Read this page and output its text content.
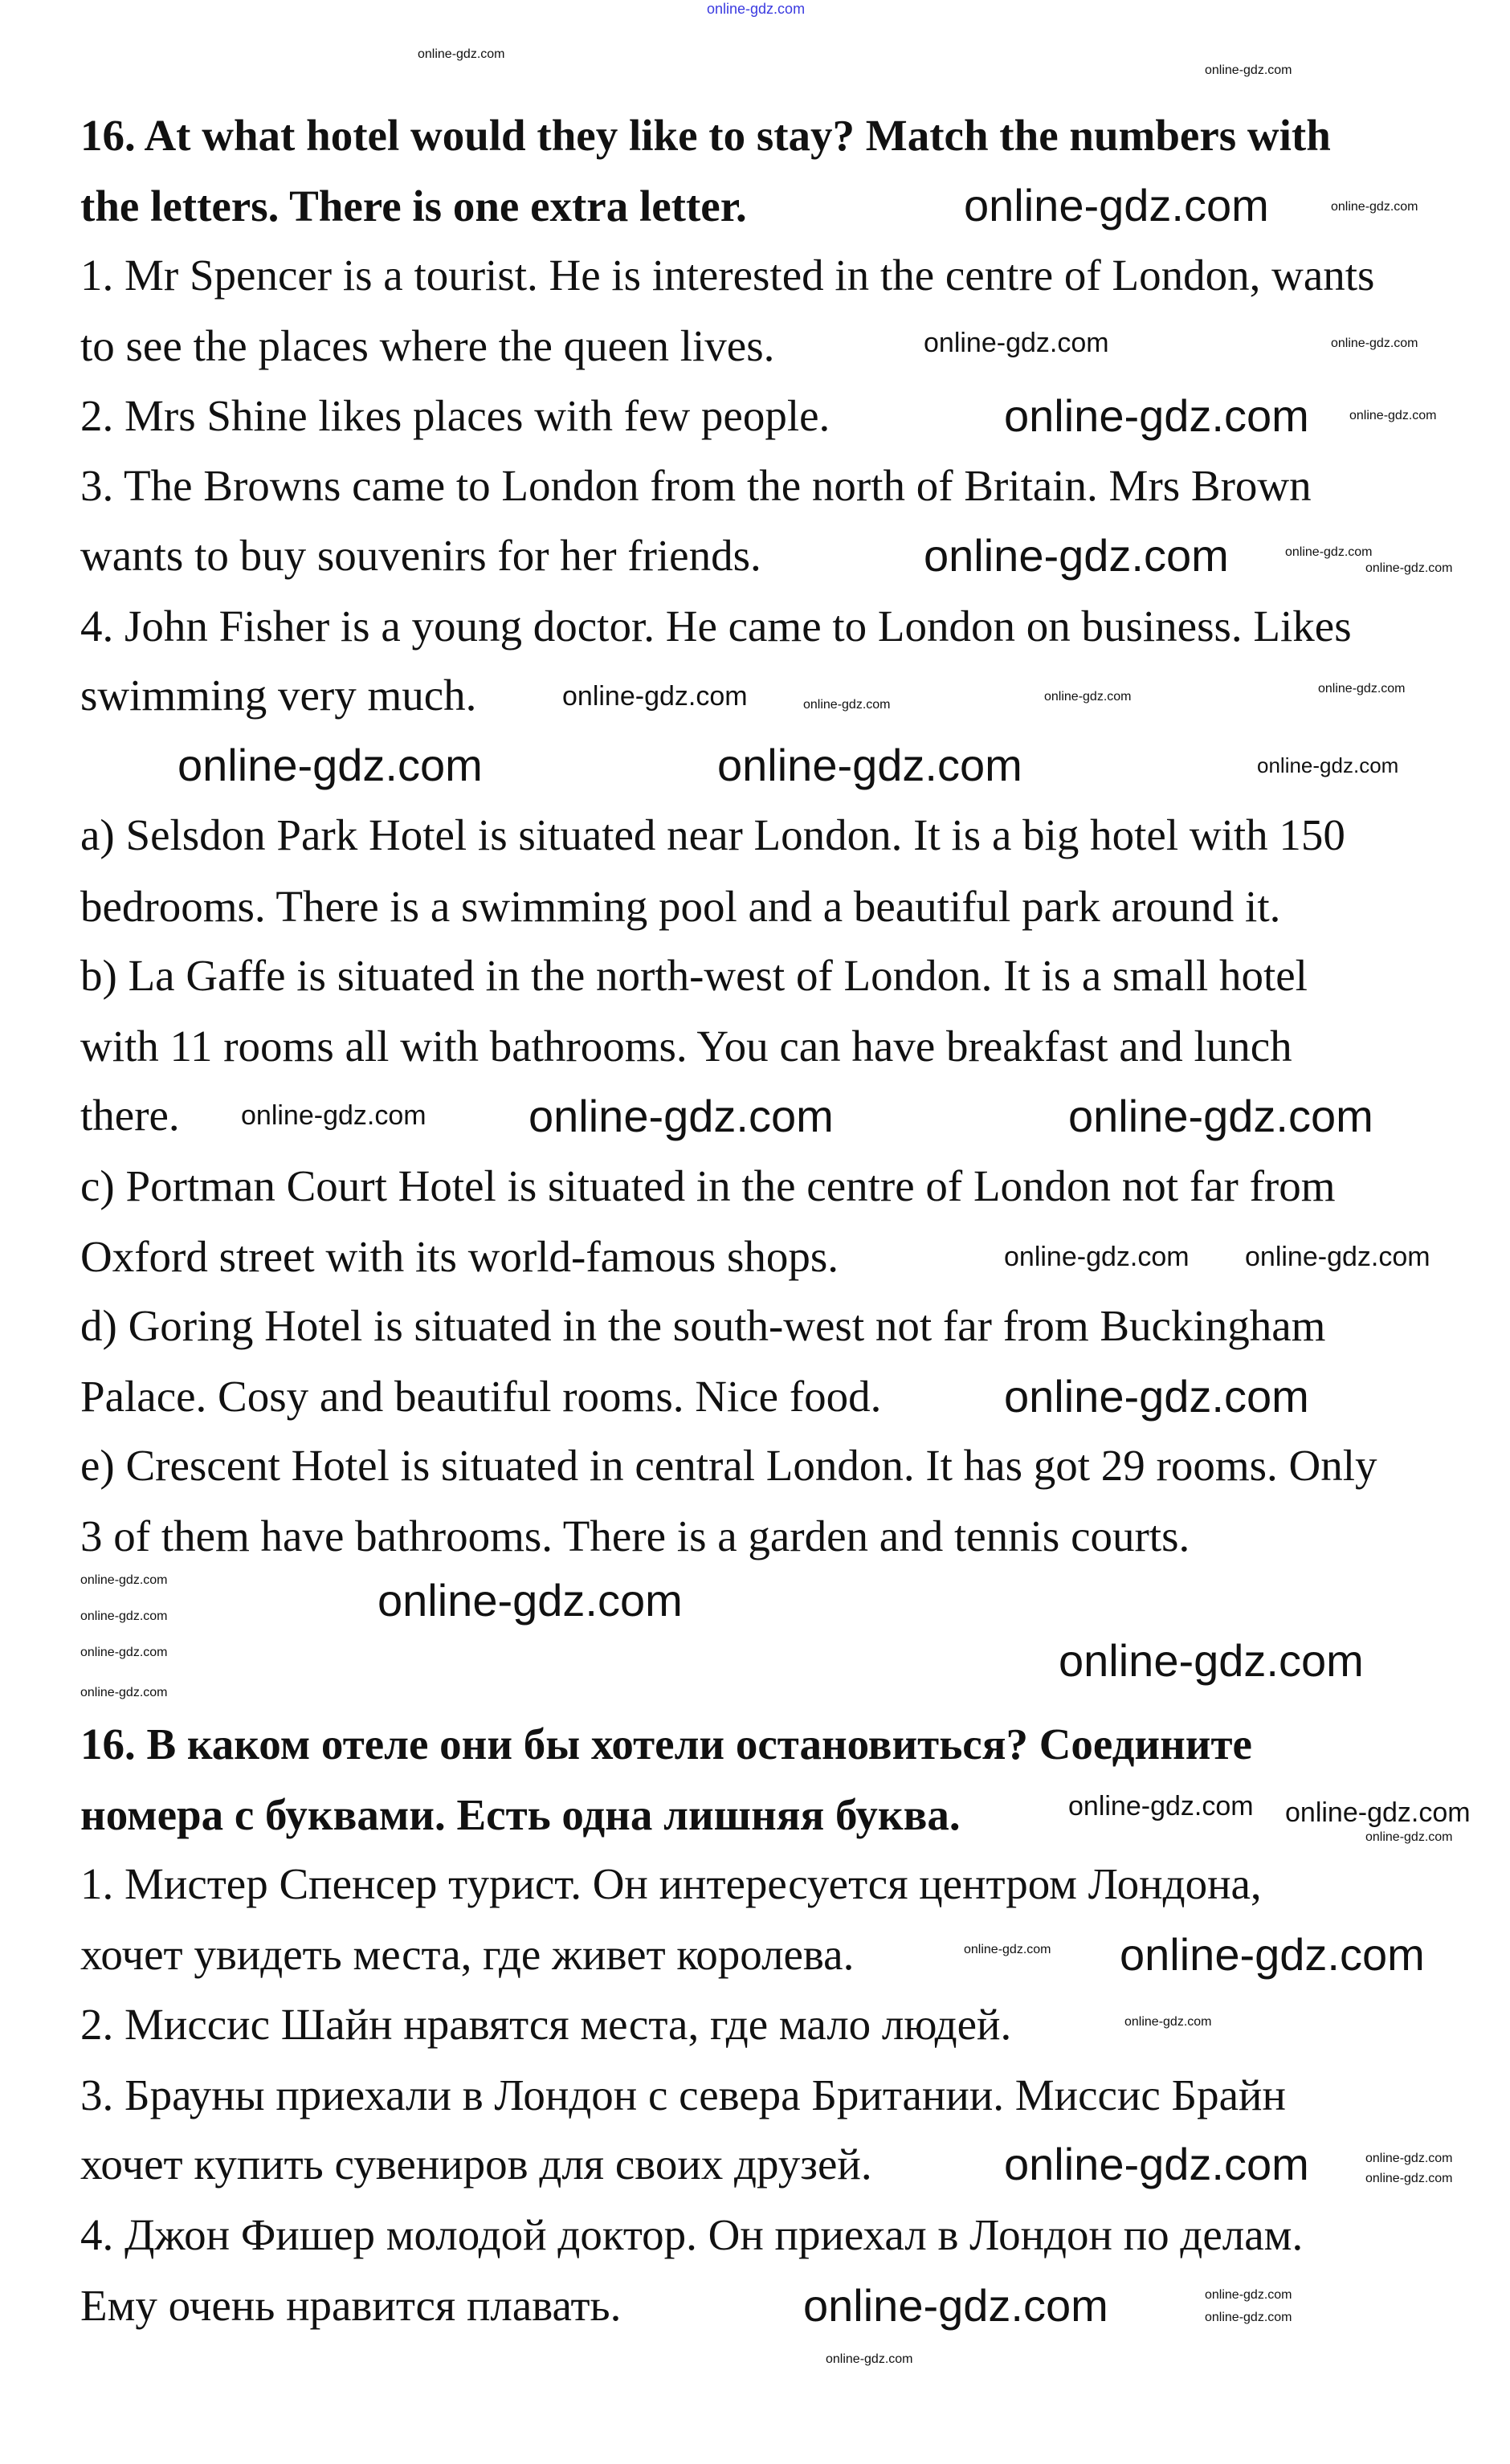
16. At what hotel would they like to stay? Match the numbers with
the letters. There is one extra letter.
1. Mr Spencer is a tourist. He is interested in the centre of London, wants
to see the places where the queen lives.
2. Mrs Shine likes places with few people.
3. The Browns came to London from the north of Britain. Mrs Brown
wants to buy souvenirs for her friends.
4. John Fisher is a young doctor. He came to London on business. Likes
swimming very much.
a) Selsdon Park Hotel is situated near London. It is a big hotel with 150
bedrooms. There is a swimming pool and a beautiful park around it.
b) La Gaffe is situated in the north-west of London. It is a small hotel
with 11 rooms all with bathrooms. You can have breakfast and lunch
there.
c) Portman Court Hotel is situated in the centre of London not far from
Oxford street with its world-famous shops.
d) Goring Hotel is situated in the south-west not far from Buckingham
Palace. Cosy and beautiful rooms. Nice food.
e) Crescent Hotel is situated in central London. It has got 29 rooms. Only
3 of them have bathrooms. There is a garden and tennis courts.
16. В каком отеле они бы хотели остановиться? Соедините
номера с буквами. Есть одна лишняя буква.
1. Мистер Спенсер турист. Он интересуется центром Лондона,
хочет увидеть места, где живет королева.
2. Миссис Шайн нравятся места, где мало людей.
3. Брауны приехали в Лондон с севера Британии. Миссис Брайн
хочет купить сувениров для своих друзей.
4. Джон Фишер молодой доктор. Он приехал в Лондон по делам.
Ему очень нравится плавать.
online-gdz.com
online-gdz.com
online-gdz.com
online-gdz.com	online-gdz.com
online-gdz.com	online-gdz.com
online-gdz.com	online-gdz.com
online-gdz.com	online-gdz.com
online-gdz.com
online-gdz.com	online-gdz.com
online-gdz.com
online-gdz.com
online-gdz.com	online-gdz.com	online-gdz.com
online-gdz.com online-gdz.com	online-gdz.com
online-gdz.com online-gdz.com
online-gdz.com
online-gdz.com	online-gdz.com
online-gdz.com
online-gdz.com
online-gdz.com
online-gdz.com
online-gdz.com online-gdz.com
online-gdz.com
online-gdz.com online-gdz.com
online-gdz.com
online-gdz.com	online-gdz.com
online-gdz.com
online-gdz.com	online-gdz.com
online-gdz.com
online-gdz.com
